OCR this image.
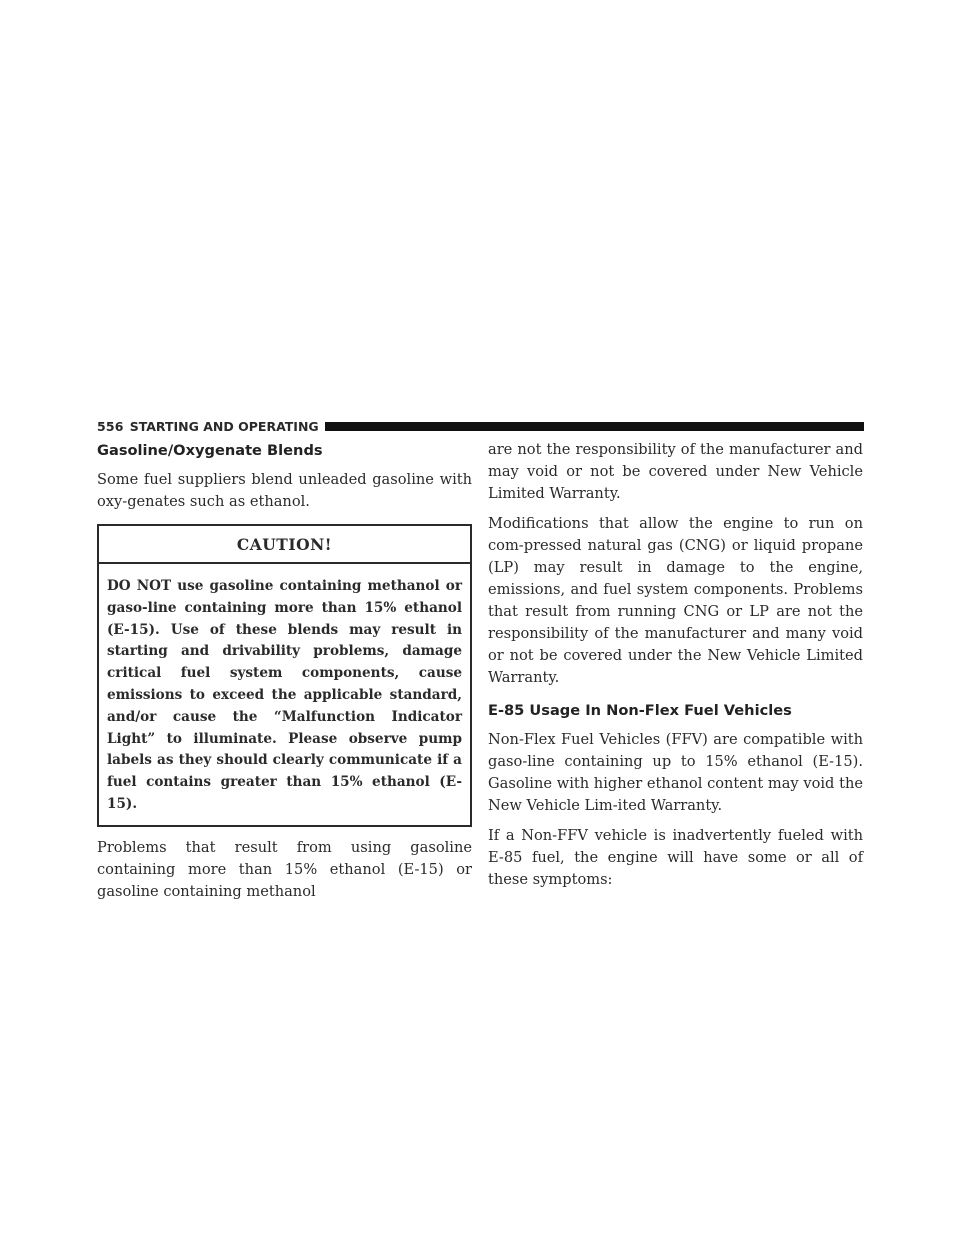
556 STARTING AND OPERATING
Gasoline/Oxygenate Blends

Some fuel suppliers blend unleaded gasoline with oxy-genates such as ethanol.

CAUTION!
DO NOT use gasoline containing methanol or gaso-line containing more than 15% ethanol (E-15). Use of these blends may result in starting and drivability problems, damage critical fuel system components, cause emissions to exceed the applicable standard, and/or cause the “Malfunction Indicator Light” to illuminate. Please observe pump labels as they should clearly communicate if a fuel contains greater than 15% ethanol (E-15).

Problems that result from using gasoline containing more than 15% ethanol (E-15) or gasoline containing methanol

are not the responsibility of the manufacturer and may void or not be covered under New Vehicle Limited Warranty.

Modifications that allow the engine to run on com-pressed natural gas (CNG) or liquid propane (LP) may result in damage to the engine, emissions, and fuel system components. Problems that result from running CNG or LP are not the responsibility of the manufacturer and many void or not be covered under the New Vehicle Limited Warranty.

E-85 Usage In Non-Flex Fuel Vehicles

Non-Flex Fuel Vehicles (FFV) are compatible with gaso-line containing up to 15% ethanol (E-15). Gasoline with higher ethanol content may void the New Vehicle Lim-ited Warranty.

If a Non-FFV vehicle is inadvertently fueled with E-85 fuel, the engine will have some or all of these symptoms:
